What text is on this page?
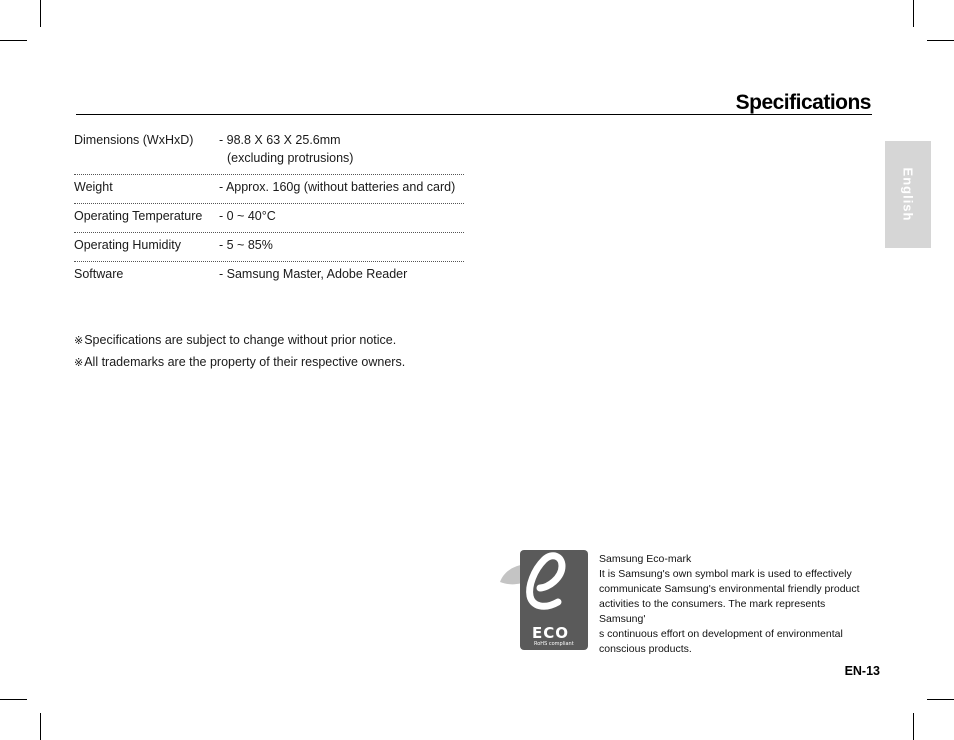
Specifications
English
Dimensions (WxHxD)	- 98.8 X 63 X 25.6mm
(excluding protrusions)
Weight	- Approx. 160g (without batteries and card)
Operating Temperature	- 0 ~ 40°C
Operating Humidity	- 5 ~ 85%
Software	- Samsung Master, Adobe Reader
※Specifications are subject to change without prior notice.
※All trademarks are the property of their respective owners.
ECO
RoHS compliant
Samsung Eco-mark
It is Samsung's own symbol mark is used to effectively
communicate Samsung's environmental friendly product
activities to the consumers. The mark represents Samsung'
s continuous effort on development of environmental
conscious products.
EN-13
